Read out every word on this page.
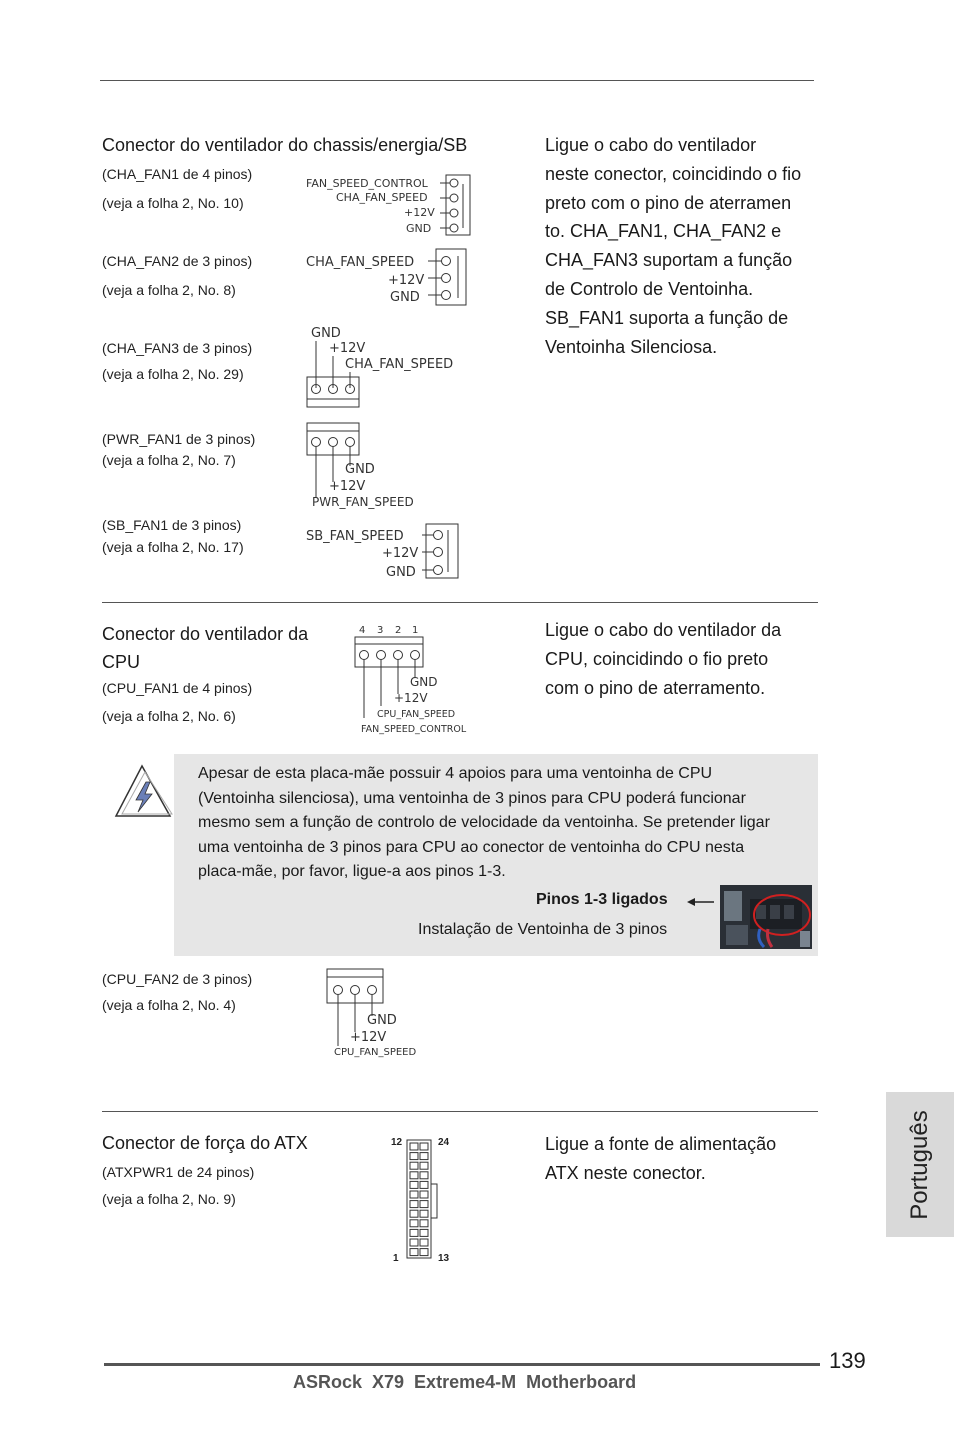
Conector do ventilador do chassis/energia/SB	Ligue o cabo do ventilador
neste conector, coincidindo o fio
preto com o pino de aterramen
to. CHA_FAN1, CHA_FAN2 e
CHA_FAN3 suportam a função
de Controlo de Ventoinha.
SB_FAN1 suporta a função de
Ventoinha Silenciosa.
(CHA_FAN1 de 4 pinos)
(veja a folha 2, No. 10)
FAN_SPEED_CONTROL
CHA_FAN_SPEED
+12V
GND
(CHA_FAN2 de 3 pinos)
(veja a folha 2, No. 8)
CHA_FAN_SPEED
+12V
GND
(CHA_FAN3 de 3 pinos)
(veja a folha 2, No. 29)
GND
+12V
CHA_FAN_SPEED
(PWR_FAN1 de 3 pinos)
(veja a folha 2, No. 7)
GND
+12V
PWR_FAN_SPEED
(SB_FAN1 de 3 pinos)
(veja a folha 2, No. 17)
SB_FAN_SPEED
+12V
GND
Conector do ventilador da
CPU
(CPU_FAN1 de 4 pinos)
(veja a folha 2, No. 6)
4 3 2 1
GND
+12V
CPU_FAN_SPEED
FAN_SPEED_CONTROL
Ligue o cabo do ventilador da
CPU, coincidindo o fio preto
com o pino de aterramento.
Apesar de esta placa-mãe possuir 4 apoios para uma ventoinha de CPU
(Ventoinha silenciosa), uma ventoinha de 3 pinos para CPU poderá funcionar
mesmo sem a função de controlo de velocidade da ventoinha. Se pretender ligar
uma ventoinha de 3 pinos para CPU ao conector de ventoinha do CPU nesta
placa-mãe, por favor, ligue-a aos pinos 1-3.
Pinos 1-3 ligados
Instalação de Ventoinha de 3 pinos
(CPU_FAN2 de 3 pinos)
(veja a folha 2, No. 4)
GND
+12V
CPU_FAN_SPEED
Conector de força do ATX
(ATXPWR1 de 24 pinos)
(veja a folha 2, No. 9)
12	24
1	13
Ligue a fonte de alimentação
ATX neste conector.	Português
139
ASRock  X79  Extreme4-M  Motherboard
